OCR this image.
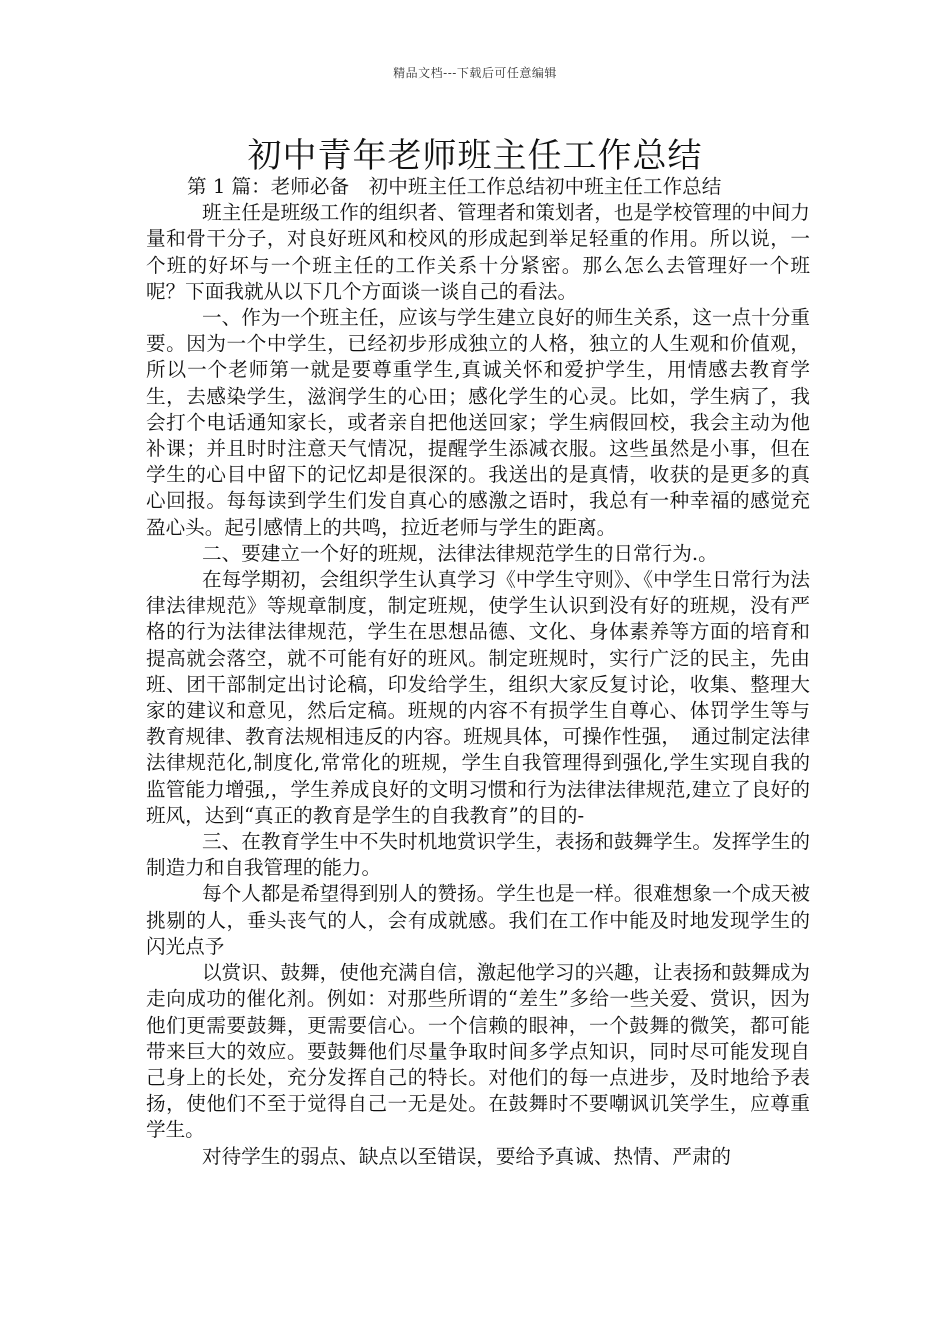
精品文档---下载后可任意编辑
初中青年老师班主任工作总结

第 1 篇：老师必备　初中班主任工作总结初中班主任工作总结

班主任是班级工作的组织者、管理者和策划者，也是学校管理的中间力量和骨干分子，对良好班风和校风的形成起到举足轻重的作用。所以说，一个班的好坏与一个班主任的工作关系十分紧密。那么怎么去管理好一个班呢？下面我就从以下几个方面谈一谈自己的看法。

一、作为一个班主任，应该与学生建立良好的师生关系，这一点十分重要。因为一个中学生，已经初步形成独立的人格，独立的人生观和价值观，所以一个老师第一就是要尊重学生,真诚关怀和爱护学生，用情感去教育学生，去感染学生，滋润学生的心田；感化学生的心灵。比如，学生病了，我会打个电话通知家长，或者亲自把他送回家；学生病假回校，我会主动为他补课；并且时时注意天气情况，提醒学生添减衣服。这些虽然是小事，但在学生的心目中留下的记忆却是很深的。我送出的是真情，收获的是更多的真心回报。每每读到学生们发自真心的感激之语时，我总有一种幸福的感觉充盈心头。起引感情上的共鸣，拉近老师与学生的距离。

二、要建立一个好的班规，法律法律规范学生的日常行为.。

在每学期初，会组织学生认真学习《中学生守则》、《中学生日常行为法律法律规范》等规章制度，制定班规，使学生认识到没有好的班规，没有严格的行为法律法律规范，学生在思想品德、文化、身体素养等方面的培育和提高就会落空，就不可能有好的班风。制定班规时，实行广泛的民主，先由班、团干部制定出讨论稿，印发给学生，组织大家反复讨论，收集、整理大家的建议和意见，然后定稿。班规的内容不有损学生自尊心、体罚学生等与教育规律、教育法规相违反的内容。班规具体，可操作性强，　通过制定法律法律规范化,制度化,常常化的班规，学生自我管理得到强化,学生实现自我的监管能力增强,，学生养成良好的文明习惯和行为法律法律规范,建立了良好的班风，达到“真正的教育是学生的自我教育”的目的-

三、在教育学生中不失时机地赏识学生，表扬和鼓舞学生。发挥学生的制造力和自我管理的能力。

每个人都是希望得到别人的赞扬。学生也是一样。很难想象一个成天被挑剔的人，垂头丧气的人，会有成就感。我们在工作中能及时地发现学生的闪光点予

以赏识、鼓舞，使他充满自信，激起他学习的兴趣，让表扬和鼓舞成为走向成功的催化剂。例如：对那些所谓的“差生”多给一些关爱、赏识，因为他们更需要鼓舞，更需要信心。一个信赖的眼神，一个鼓舞的微笑，都可能带来巨大的效应。要鼓舞他们尽量争取时间多学点知识，同时尽可能发现自己身上的长处，充分发挥自己的特长。对他们的每一点进步，及时地给予表扬，使他们不至于觉得自己一无是处。在鼓舞时不要嘲讽讥笑学生，应尊重学生。

对待学生的弱点、缺点以至错误，要给予真诚、热情、严肃的
